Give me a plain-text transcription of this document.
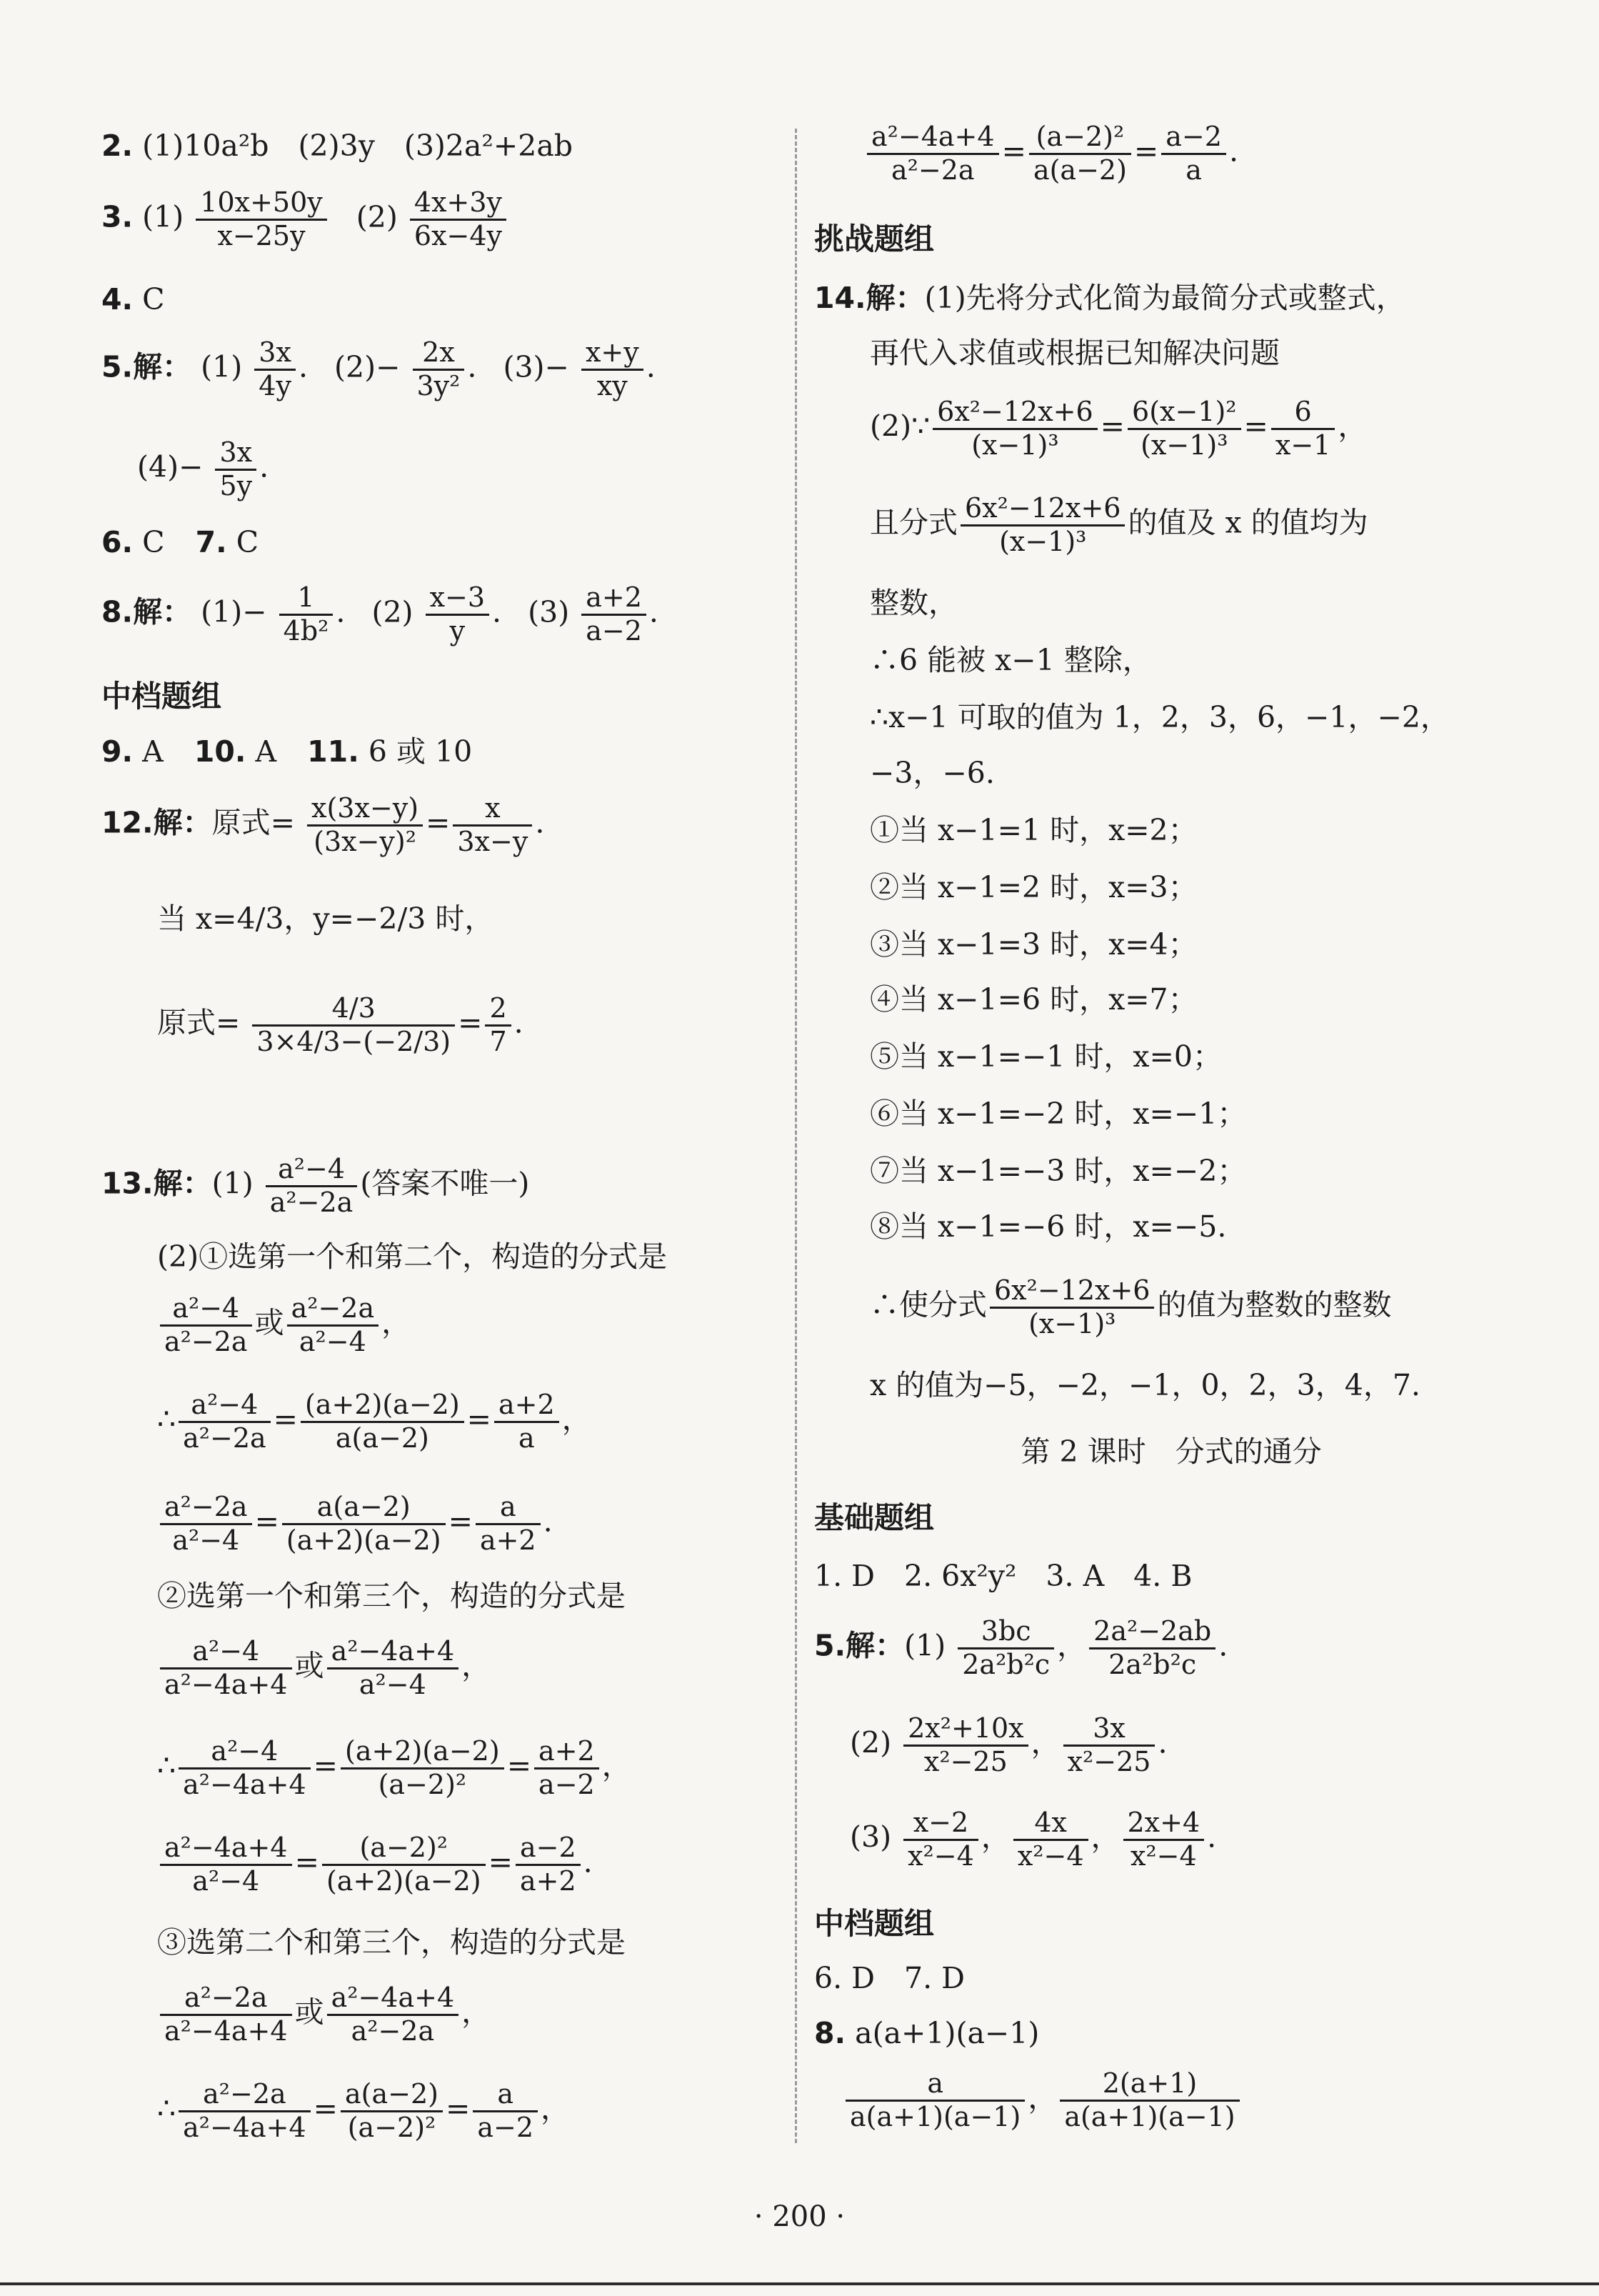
2. (1)10a²b　(2)3y　(3)2a²+2ab
3. $(1) \frac{10x+50y}{x-25y} (2) \frac{4x+3y}{6x-4y}$
4. C
5.解： $(1) \frac{3x}{4y}$ . $(2)- \frac{2x}{\text{3y²}}$ . $(3)- \frac{x+y}{xy}$ .
$(4)- \frac{3x}{5y}$ .
6. C 7. C
8.解： $(1)- \frac{1}{\text{4b²}}$ . $(2) \frac{x-3}{y}$ . $(3) \frac{a+2}{a-2}$ .
中档题组
9. A 10. A 11. 6 或 10
12.解：原式= $\frac{x(3x-y)}{\text{(3x−y)²}} = \frac{x}{3x-y}$ .
当 x=4/3，y=−2/3 时，
原式= $\frac{4/3}{3\times 4/3-(-2/3)} = \frac{2}{7}$ .
13.解：$(1) \frac{\text{a²−4}}{\text{a²−2a}}$ (答案不唯一)
(2)①选第一个和第二个，构造的分式是
$\frac{\text{a²−4}}{\text{a²−2a}}$ 或 $\frac{\text{a²−2a}}{\text{a²−4}}$ ，
∴ $\frac{\text{a²−4}}{\text{a²−2a}} = \frac{(a+2)(a-2)}{a(a-2)} = \frac{a+2}{a}$ ，
$\frac{\text{a²−2a}}{\text{a²−4}} = \frac{a(a-2)}{(a+2)(a-2)} = \frac{a}{a+2}$ .
②选第一个和第三个，构造的分式是
$\frac{\text{a²−4}}{\text{a²−4a+4}}$ 或 $\frac{\text{a²−4a+4}}{\text{a²−4}}$ ，
∴ $\frac{\text{a²−4}}{\text{a²−4a+4}} = \frac{(a+2)(a-2)}{\text{(a−2)²}} = \frac{a+2}{a-2}$ ，
$\frac{\text{a²−4a+4}}{\text{a²−4}} = \frac{\text{(a−2)²}}{(a+2)(a-2)} = \frac{a-2}{a+2}$ .
③选第二个和第三个，构造的分式是
$\frac{\text{a²−2a}}{\text{a²−4a+4}}$ 或 $\frac{\text{a²−4a+4}}{\text{a²−2a}}$ ，
∴ $\frac{\text{a²−2a}}{\text{a²−4a+4}} = \frac{a(a-2)}{\text{(a−2)²}} = \frac{a}{a-2}$ ，
$\frac{\text{a²−4a+4}}{\text{a²−2a}} = \frac{\text{(a−2)²}}{a(a-2)} = \frac{a-2}{a}$ .
挑战题组
14.解：(1)先将分式化简为最简分式或整式，
再代入求值或根据已知解决问题
(2)∵ $\frac{\text{6x²−12x+6}}{\text{(x−1)³}} = \frac{\text{6(x−1)²}}{\text{(x−1)³}} = \frac{6}{x-1}$ ，
且分式 $\frac{\text{6x²−12x+6}}{\text{(x−1)³}}$ 的值及 x 的值均为
整数，
∴6 能被 x−1 整除，
∴x−1 可取的值为 1，2，3，6，−1，−2，
−3，−6.
①当 x−1=1 时，x=2；
②当 x−1=2 时，x=3；
③当 x−1=3 时，x=4；
④当 x−1=6 时，x=7；
⑤当 x−1=−1 时，x=0；
⑥当 x−1=−2 时，x=−1；
⑦当 x−1=−3 时，x=−2；
⑧当 x−1=−6 时，x=−5.
∴使分式 $\frac{\text{6x²−12x+6}}{\text{(x−1)³}}$ 的值为整数的整数
x 的值为−5，−2，−1，0，2，3，4，7.
第 2 课时　分式的通分
基础题组
1. D　2. 6x²y²　3. A　4. B
5.解：$(1) \frac{3bc}{\text{2a²b²c}}$ ， $\frac{\text{2a²−2ab}}{\text{2a²b²c}}$ .
$(2) \frac{\text{2x²+10x}}{\text{x²−25}}$ ， $\frac{3x}{\text{x²−25}}$ .
$(3) \frac{x-2}{\text{x²−4}}$ ， $\frac{4x}{\text{x²−4}}$ ， $\frac{2x+4}{\text{x²−4}}$ .
中档题组
6. D　7. D
8. a(a+1)(a−1)
$\frac{a}{a(a+1)(a-1)}$ ， $\frac{2(a+1)}{a(a+1)(a-1)}$
· 200 ·
